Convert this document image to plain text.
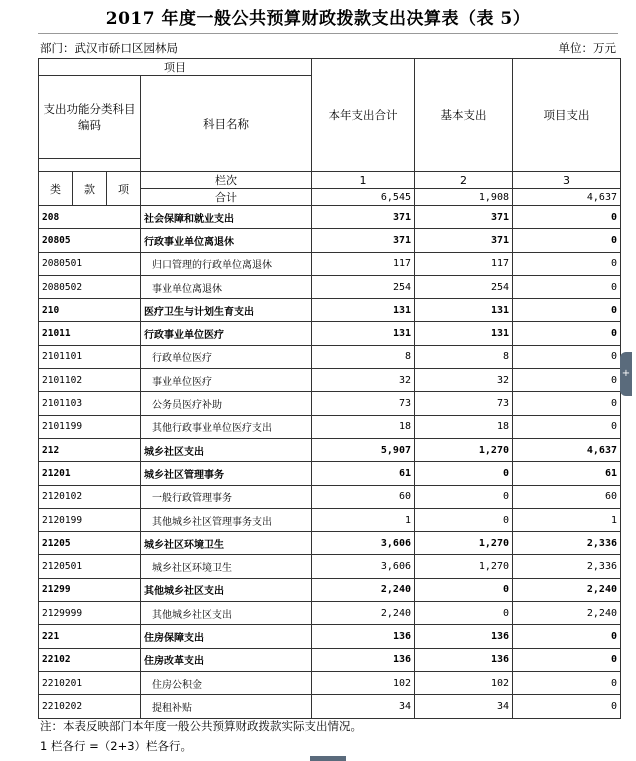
2017 年度一般公共预算财政拨款支出决算表（表 5）
部门：武汉市硚口区园林局	单位：万元
项目				本年支出合计	基本支出	项目支出
支出功能分类科目编码			科目名称			

类	款	项	栏次	1	2	3
			合计	6,545	1,908	4,637
208			社会保障和就业支出	371	371	0
20805			行政事业单位离退休	371	371	0
2080501			归口管理的行政单位离退休	117	117	0
2080502			事业单位离退休	254	254	0
210			医疗卫生与计划生育支出	131	131	0
21011			行政事业单位医疗	131	131	0
2101101			行政单位医疗	8	8	0
2101102			事业单位医疗	32	32	0
2101103			公务员医疗补助	73	73	0
2101199			其他行政事业单位医疗支出	18	18	0
212			城乡社区支出	5,907	1,270	4,637
21201			城乡社区管理事务	61	0	61
2120102			一般行政管理事务	60	0	60
2120199			其他城乡社区管理事务支出	1	0	1
21205			城乡社区环境卫生	3,606	1,270	2,336
2120501			城乡社区环境卫生	3,606	1,270	2,336
21299			其他城乡社区支出	2,240	0	2,240
2129999			其他城乡社区支出	2,240	0	2,240
221			住房保障支出	136	136	0
22102			住房改革支出	136	136	0
2210201			住房公积金	102	102	0
2210202			提租补贴	34	34	0
注：本表反映部门本年度一般公共预算财政拨款实际支出情况。
1 栏各行 =（2+3）栏各行。
+
